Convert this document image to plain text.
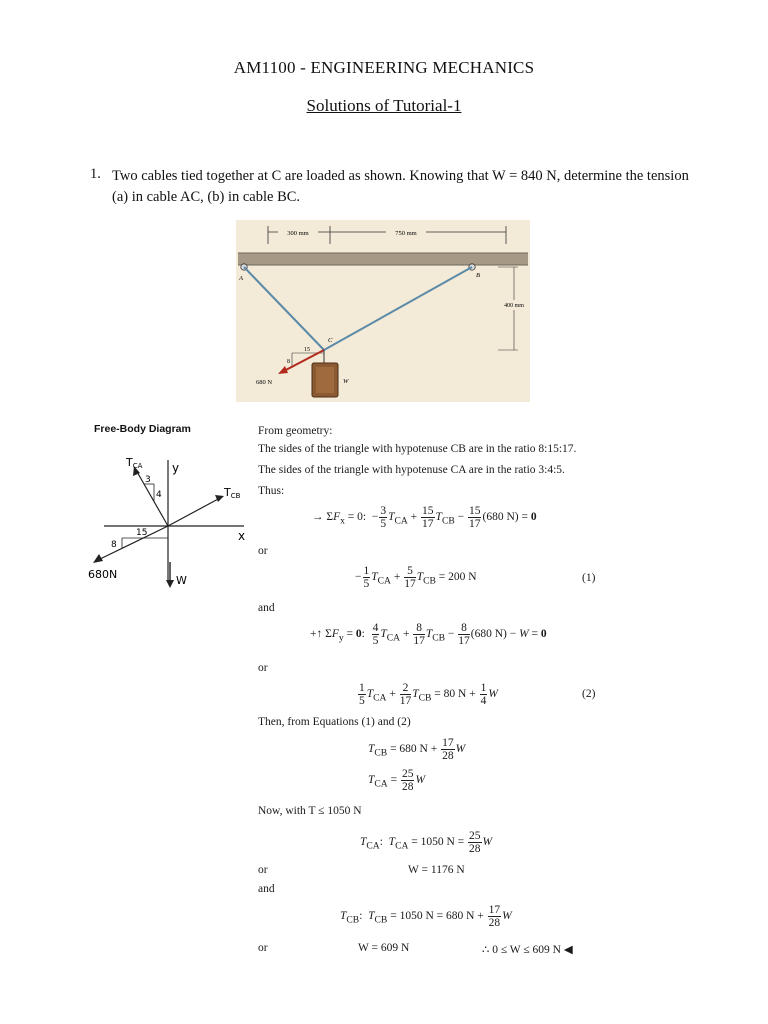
AM1100 - ENGINEERING MECHANICS
Solutions of Tutorial-1
1. Two cables tied together at C are loaded as shown. Knowing that W = 840 N, determine the tension (a) in cable AC, (b) in cable BC.
300 mm	750 mm
A	B
C
400 mm
15
8
680 N	W
Free-Body Diagram
y
x
TCA
3
4	TCB
15
8
680N	W
From geometry:
The sides of the triangle with hypotenuse CB are in the ratio 8:15:17.
The sides of the triangle with hypotenuse CA are in the ratio 3:4:5.
Thus:
→ $\Sigma F_x = 0$:  − $\frac{3}{5} T_{CA} + \frac{15}{17} T_{CB} - \frac{15}{17} (680$ N) = 0
or
− $\frac{1}{5} T_{CA} + \frac{5}{17} T_{CB} = 200$ N	(1)
and
+↑ $\Sigma F_y = 0$: $\frac{4}{5} T_{CA} + \frac{8}{17} T_{CB} - \frac{8}{17} (680$ N) − W = 0
or
$\frac{1}{5} T_{CA} + \frac{2}{17} T_{CB} = 80$ $N + \frac{1}{4}$ W	(2)
Then, from Equations (1) and (2)
$T_{CB} = 680$ $N + \frac{17}{28}$ W
$T_{CA} = \frac{25}{28}$ W
Now, with T ≤ 1050 N
$T_{CA}$:  $T_{CA} = 1050$ $N = \frac{25}{28}$ W
or	W = 1176 N
and
$T_{CB}$:  $T_{CB} = 1050$ N = 680 $N + \frac{17}{28}$ W
or	W = 609 N	∴ 0 ≤ W ≤ 609 N ◀
